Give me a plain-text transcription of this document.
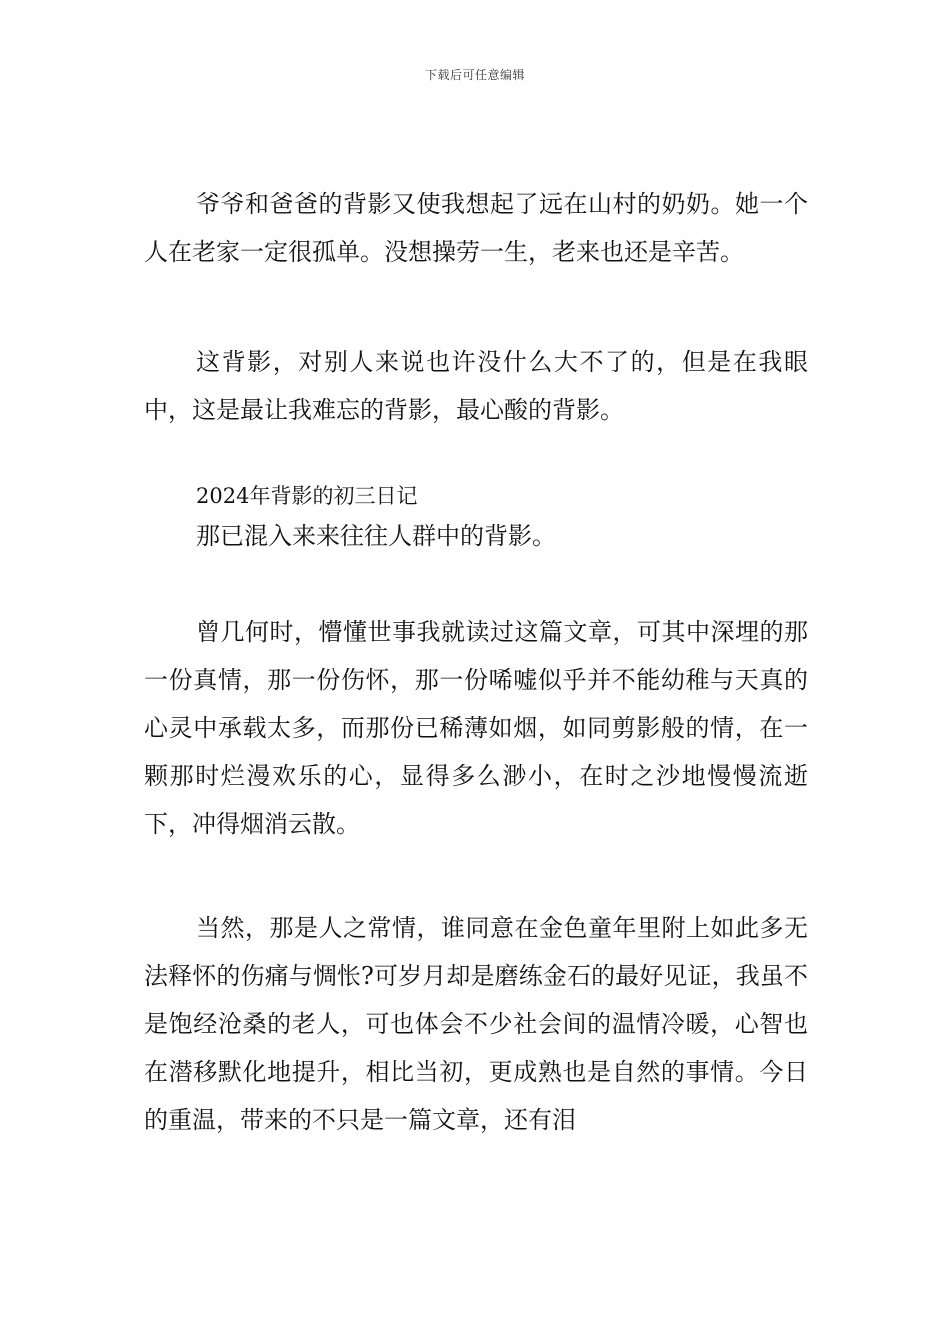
下载后可任意编辑

爷爷和爸爸的背影又使我想起了远在山村的奶奶。她一个人在老家一定很孤单。没想操劳一生，老来也还是辛苦。

这背影，对别人来说也许没什么大不了的，但是在我眼中，这是最让我难忘的背影，最心酸的背影。

2024年背影的初三日记

那已混入来来往往人群中的背影。

曾几何时，懵懂世事我就读过这篇文章，可其中深埋的那一份真情，那一份伤怀，那一份唏嘘似乎并不能幼稚与天真的心灵中承载太多，而那份已稀薄如烟，如同剪影般的情，在一颗那时烂漫欢乐的心，显得多么渺小，在时之沙地慢慢流逝下，冲得烟消云散。

当然，那是人之常情，谁同意在金色童年里附上如此多无法释怀的伤痛与惆怅?可岁月却是磨练金石的最好见证，我虽不是饱经沧桑的老人，可也体会不少社会间的温情冷暖，心智也在潜移默化地提升，相比当初，更成熟也是自然的事情。今日的重温，带来的不只是一篇文章，还有泪
